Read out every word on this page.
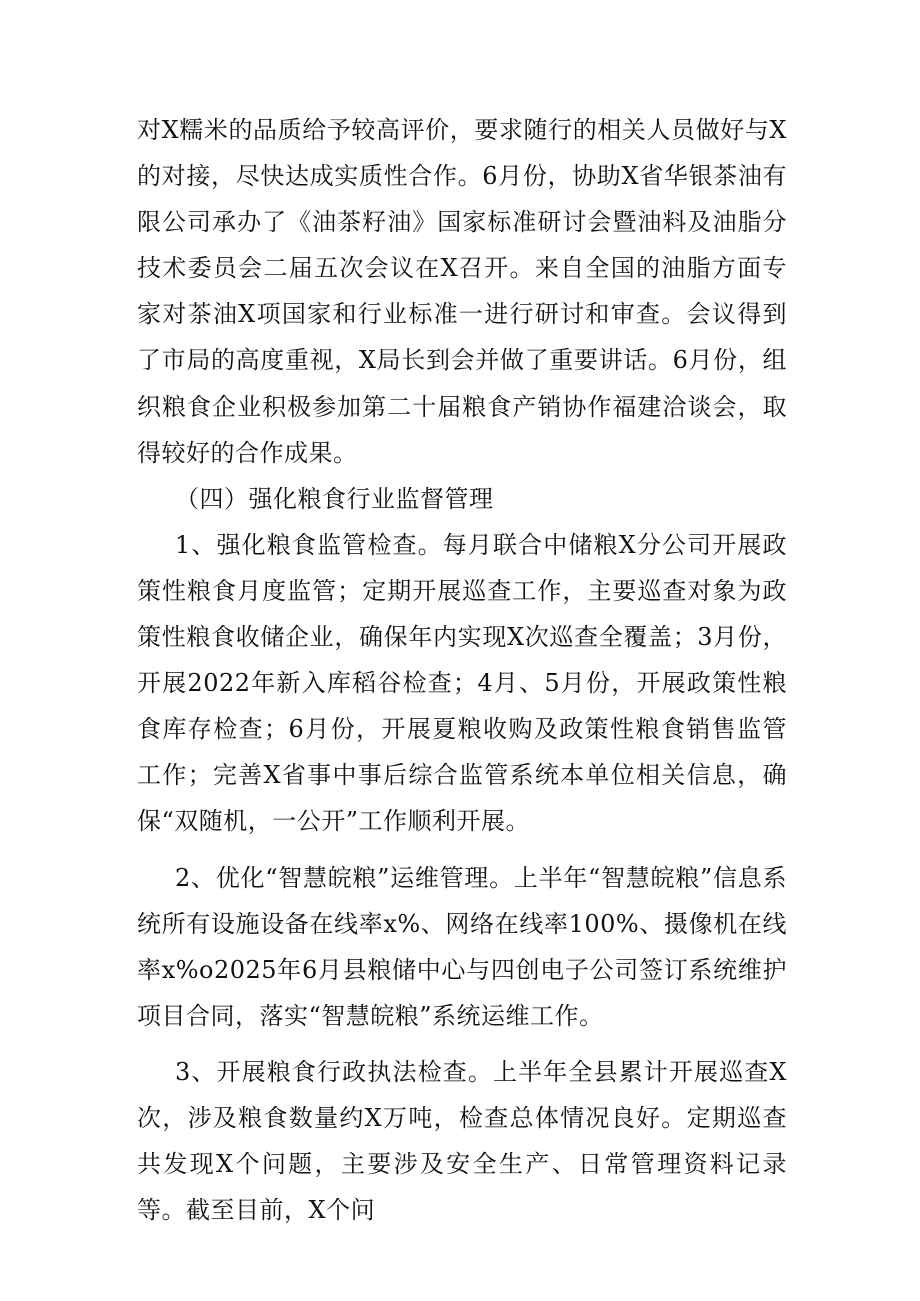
对X糯米的品质给予较高评价，要求随行的相关人员做好与X的对接，尽快达成实质性合作。6月份，协助X省华银茶油有限公司承办了《油茶籽油》国家标准研讨会暨油料及油脂分技术委员会二届五次会议在X召开。来自全国的油脂方面专家对茶油X项国家和行业标准一进行研讨和审查。会议得到了市局的高度重视，X局长到会并做了重要讲话。6月份，组织粮食企业积极参加第二十届粮食产销协作福建洽谈会，取得较好的合作成果。

（四）强化粮食行业监督管理

1、强化粮食监管检查。每月联合中储粮X分公司开展政策性粮食月度监管；定期开展巡查工作，主要巡查对象为政策性粮食收储企业，确保年内实现X次巡查全覆盖；3月份，开展2022年新入库稻谷检查；4月、5月份，开展政策性粮食库存检查；6月份，开展夏粮收购及政策性粮食销售监管工作；完善X省事中事后综合监管系统本单位相关信息，确保“双随机，一公开”工作顺利开展。

2、优化“智慧皖粮”运维管理。上半年“智慧皖粮”信息系统所有设施设备在线率x%、网络在线率100%、摄像机在线率x%o2025年6月县粮储中心与四创电子公司签订系统维护项目合同，落实“智慧皖粮”系统运维工作。

3、开展粮食行政执法检查。上半年全县累计开展巡查X次，涉及粮食数量约X万吨，检查总体情况良好。定期巡查共发现X个问题，主要涉及安全生产、日常管理资料记录等。截至目前，X个问
